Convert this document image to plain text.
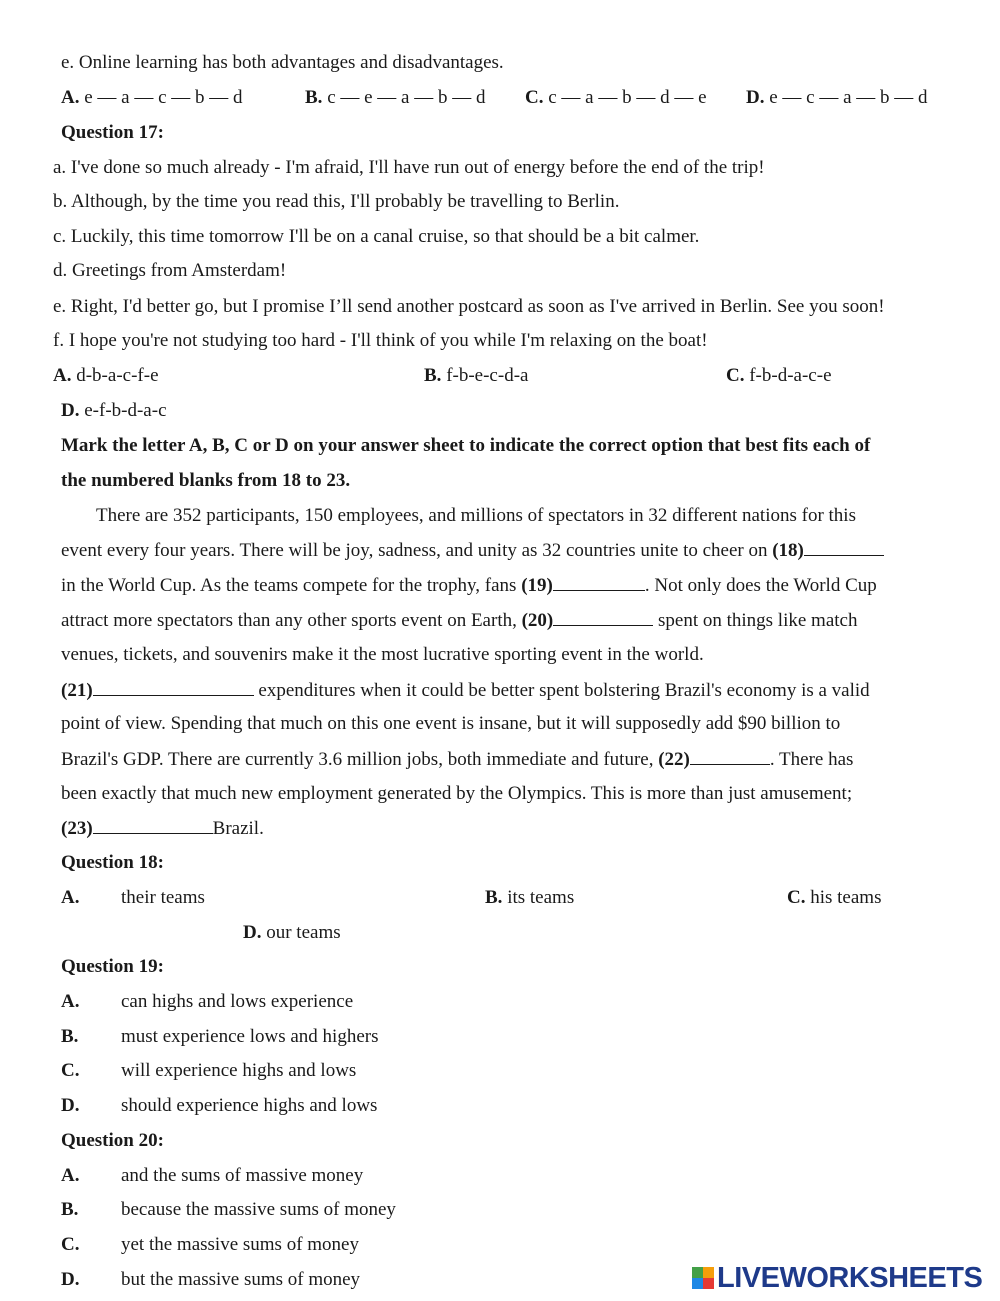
e. Online learning has both advantages and disadvantages.
A. e — a — c — b — d	B. c — e — a — b — d C. c — a — b — d — e D. e — c — a — b — d
Question 17:
a. I've done so much already - I'm afraid, I'll have run out of energy before the end of the trip!
b. Although, by the time you read this, I'll probably be travelling to Berlin.
c. Luckily, this time tomorrow I'll be on a canal cruise, so that should be a bit calmer.
d. Greetings from Amsterdam!
e. Right, I'd better go, but I promise I’ll send another postcard as soon as I've arrived in Berlin. See you soon!
f. I hope you're not studying too hard - I'll think of you while I'm relaxing on the boat!
A. d-b-a-c-f-e	B. f-b-e-c-d-a	C. f-b-d-a-c-e
D. e-f-b-d-a-c
Mark the letter A, B, C or D on your answer sheet to indicate the correct option that best fits each of
the numbered blanks from 18 to 23.
There are 352 participants, 150 employees, and millions of spectators in 32 different nations for this
event every four years. There will be joy, sadness, and unity as 32 countries unite to cheer on (18)
in the World Cup. As the teams compete for the trophy, fans (19)	. Not only does the World Cup
attract more spectators than any other sports event on Earth, (20)	spent on things like match
venues, tickets, and souvenirs make it the most lucrative sporting event in the world.
(21)	expenditures when it could be better spent bolstering Brazil's economy is a valid
point of view. Spending that much on this one event is insane, but it will supposedly add $90 billion to
Brazil's GDP. There are currently 3.6 million jobs, both immediate and future, (22)	. There has
been exactly that much new employment generated by the Olympics. This is more than just amusement;
(23)	Brazil.
Question 18:
A. their teams	B. its teams	C. his teams
D. our teams
Question 19:
A. can highs and lows experience
B. must experience lows and highers
C. will experience highs and lows
D. should experience highs and lows
Question 20:
A. and the sums of massive money
B. because the massive sums of money
C. yet the massive sums of money
D. but the massive sums of money	LIVEWORKSHEETS
